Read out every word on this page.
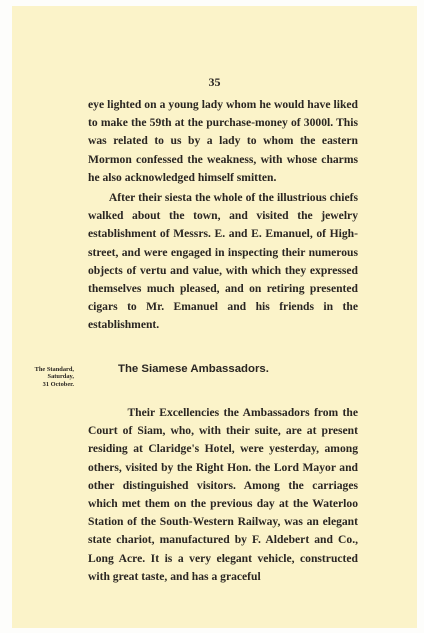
35

eye lighted on a young lady whom he would have liked to make the 59th at the purchase-money of 3000l. This was related to us by a lady to whom the eastern Mormon confessed the weakness, with whose charms he also acknowledged himself smitten.

After their siesta the whole of the illustrious chiefs walked about the town, and visited the jewelry establishment of Messrs. E. and E. Emanuel, of High-street, and were engaged in inspecting their numerous objects of vertu and value, with which they expressed themselves much pleased, and on retiring presented cigars to Mr. Emanuel and his friends in the establishment.

The Standard,
Saturday,
31 October.
The Siamese Ambassadors.

Their Excellencies the Ambassadors from the Court of Siam, who, with their suite, are at present residing at Claridge's Hotel, were yesterday, among others, visited by the Right Hon. the Lord Mayor and other distinguished visitors. Among the carriages which met them on the previous day at the Waterloo Station of the South-Western Railway, was an elegant state chariot, manufactured by F. Aldebert and Co., Long Acre. It is a very elegant vehicle, constructed with great taste, and has a graceful
